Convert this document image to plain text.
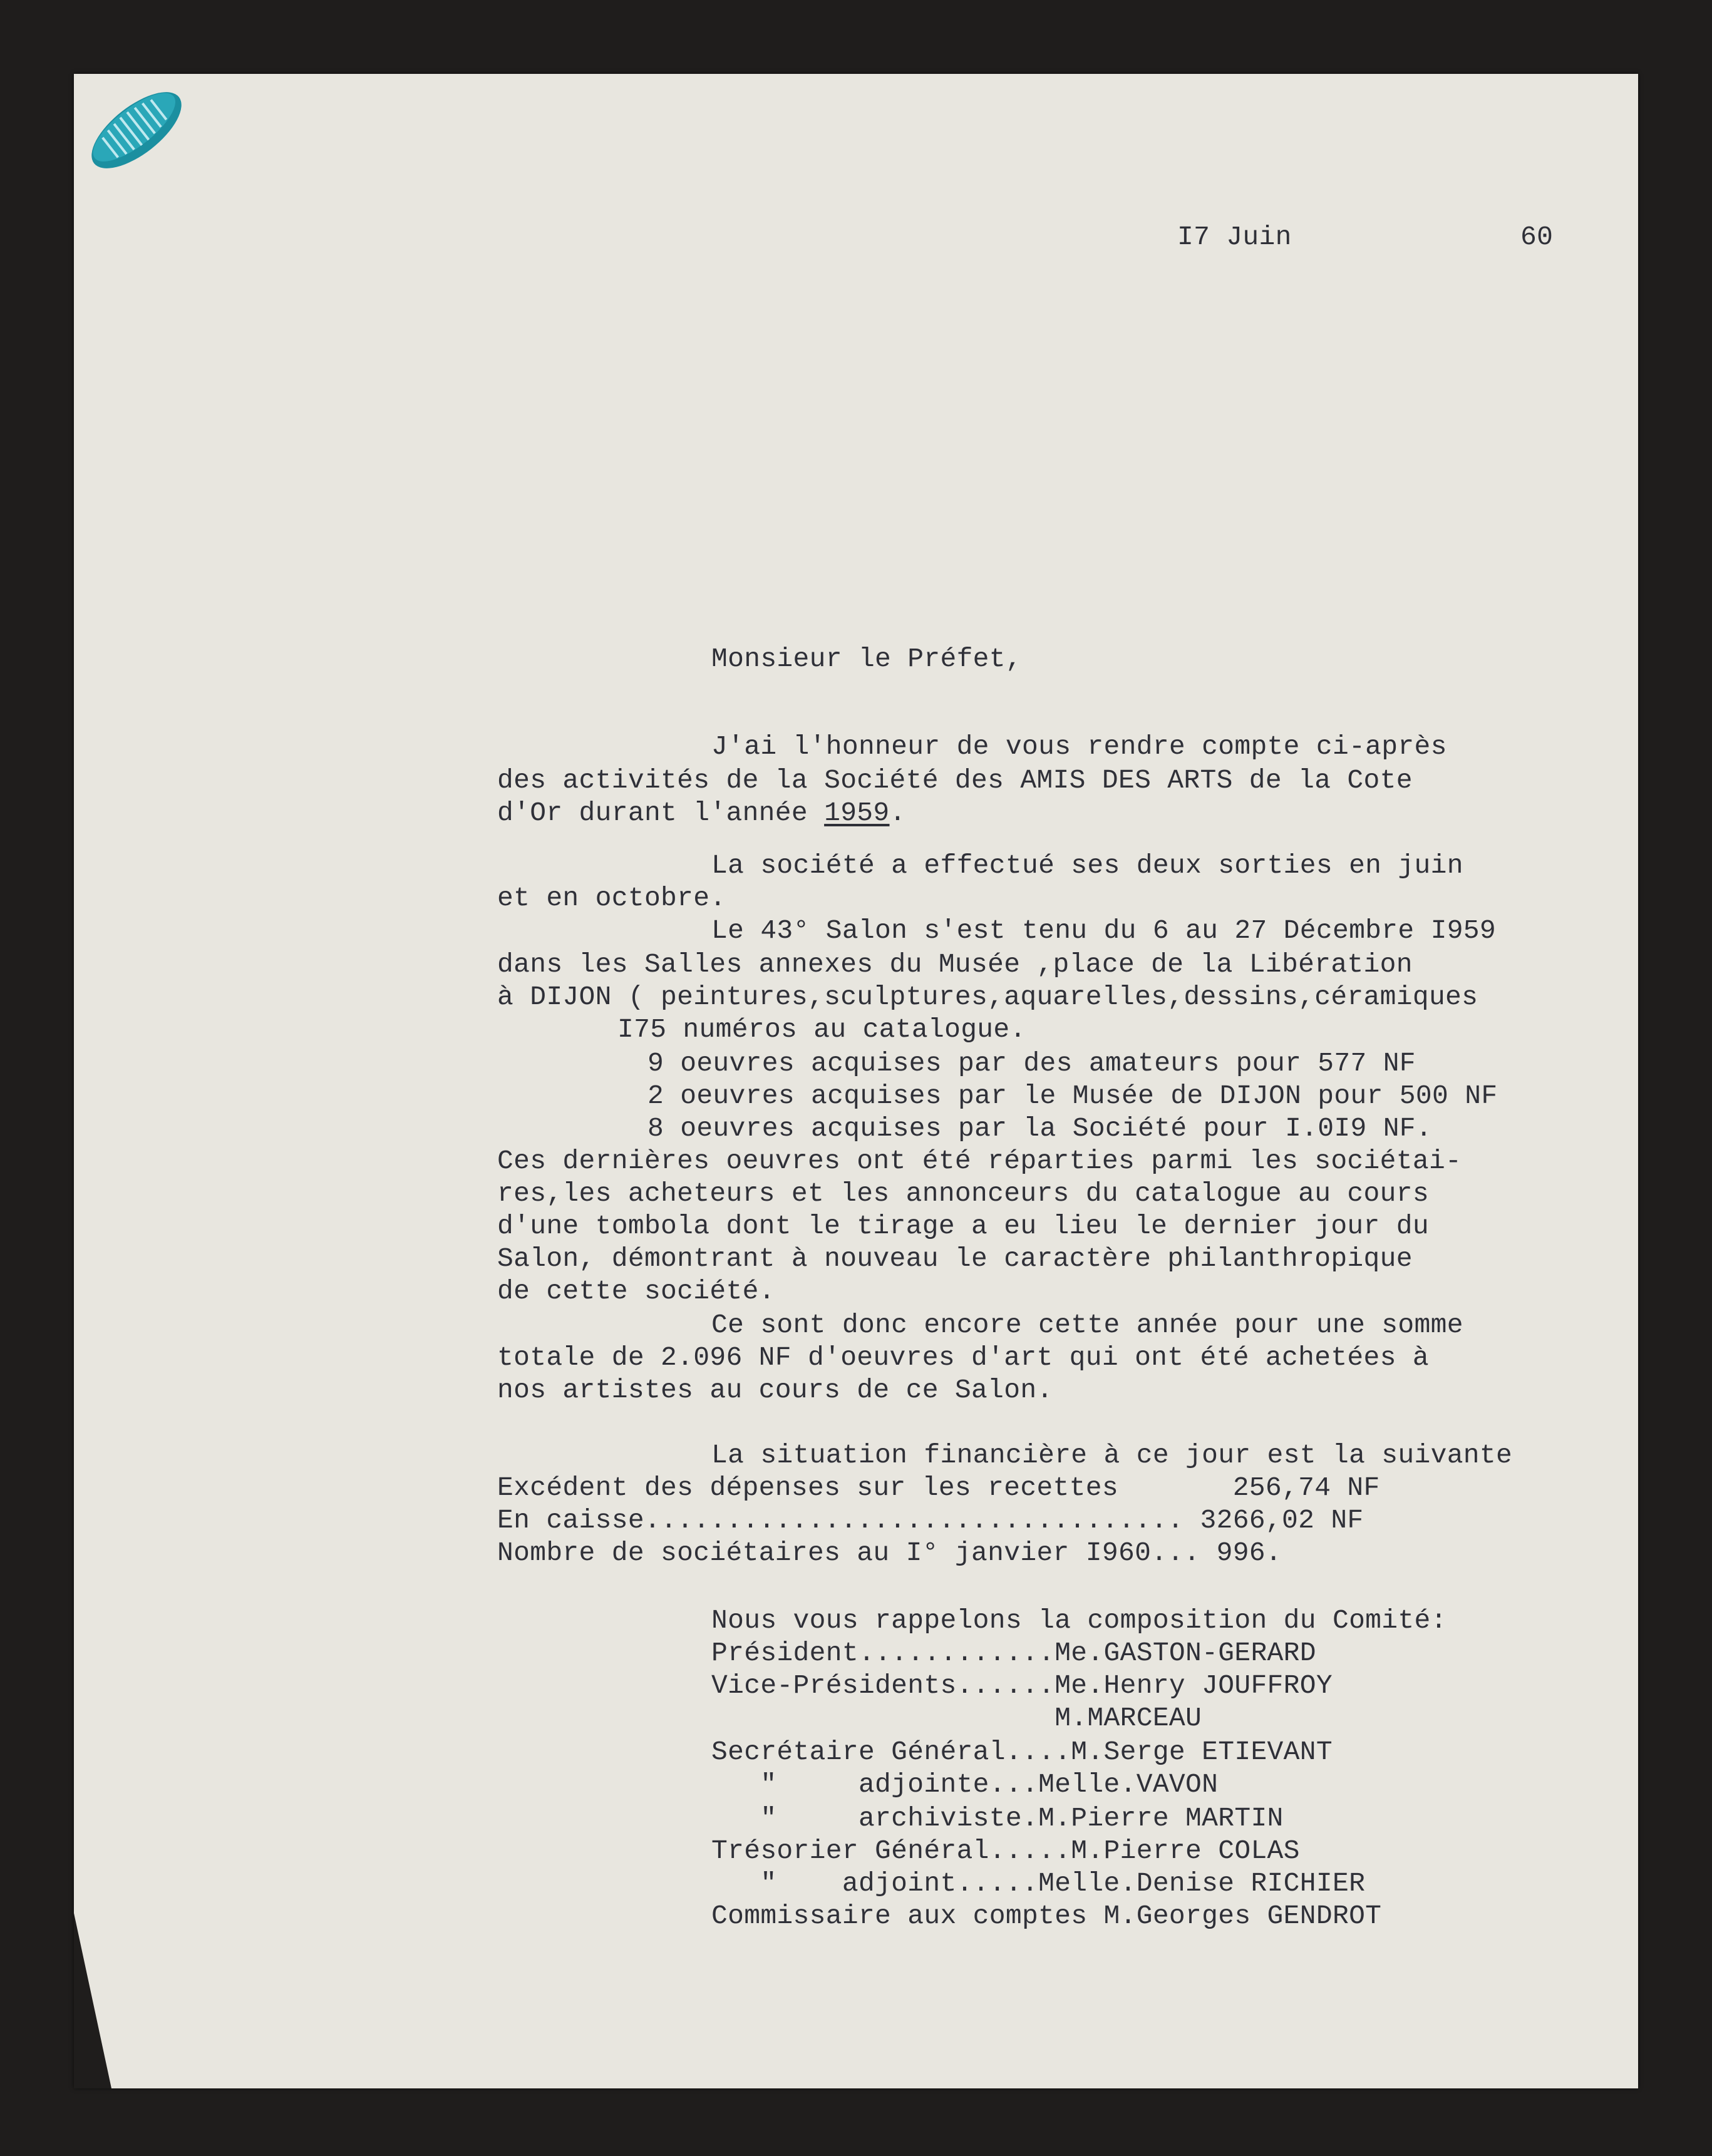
I7 Juin	60
Monsieur le Préfet,
J'ai l'honneur de vous rendre compte ci-après
des activités de la Société des AMIS DES ARTS de la Cote
d'Or durant l'année 1959.
La société a effectué ses deux sorties en juin
et en octobre.
Le 43° Salon s'est tenu du 6 au 27 Décembre I959
dans les Salles annexes du Musée ,place de la Libération
à DIJON ( peintures,sculptures,aquarelles,dessins,céramiques
I75 numéros au catalogue.
9 oeuvres acquises par des amateurs pour 577 NF
2 oeuvres acquises par le Musée de DIJON pour 500 NF
8 oeuvres acquises par la Société pour I.0I9 NF.
Ces dernières oeuvres ont été réparties parmi les sociétai-
res,les acheteurs et les annonceurs du catalogue au cours
d'une tombola dont le tirage a eu lieu le dernier jour du
Salon, démontrant à nouveau le caractère philanthropique
de cette société.
Ce sont donc encore cette année pour une somme
totale de 2.096 NF d'oeuvres d'art qui ont été achetées à
nos artistes au cours de ce Salon.
La situation financière à ce jour est la suivante
Excédent des dépenses sur les recettes       256,74 NF
En caisse................................. 3266,02 NF
Nombre de sociétaires au I° janvier I960... 996.
Nous vous rappelons la composition du Comité:
Président............Me.GASTON-GERARD
Vice-Présidents......Me.Henry JOUFFROY
M.MARCEAU
Secrétaire Général....M.Serge ETIEVANT
"     adjointe...Melle.VAVON
"     archiviste.M.Pierre MARTIN
Trésorier Général.....M.Pierre COLAS
"    adjoint.....Melle.Denise RICHIER
Commissaire aux comptes M.Georges GENDROT
